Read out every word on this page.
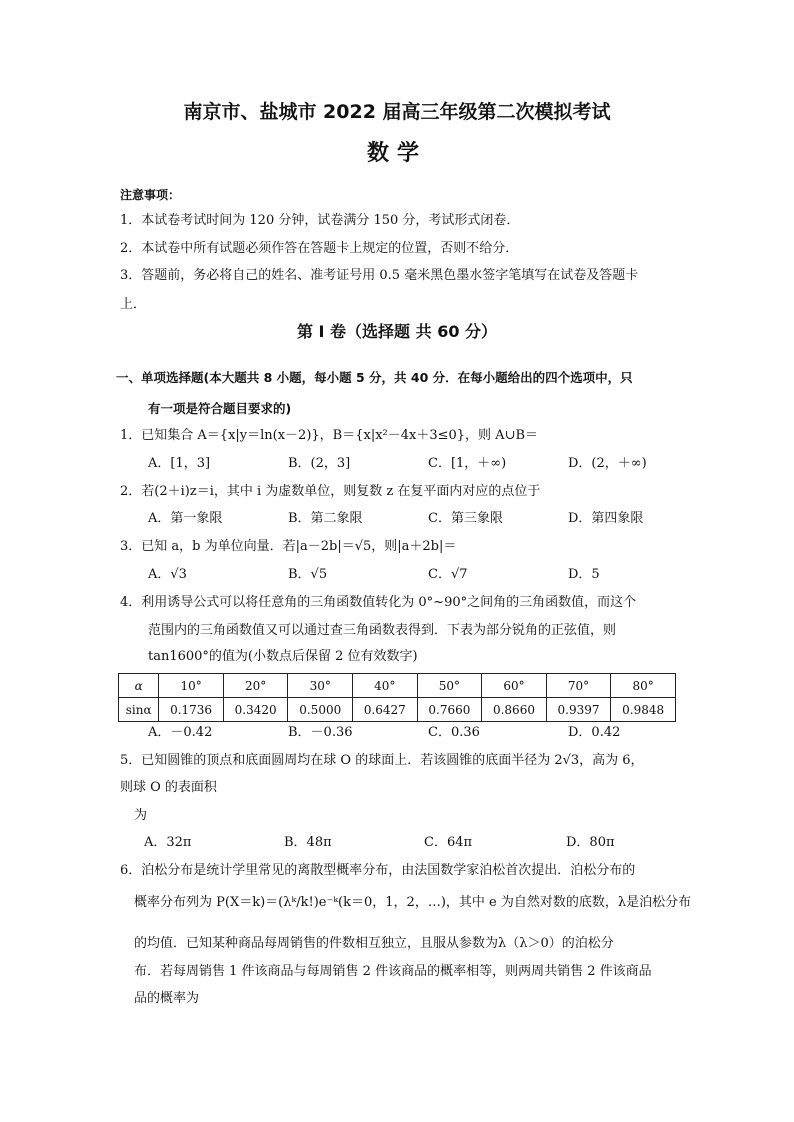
南京市、盐城市 2022 届高三年级第二次模拟考试
数学
注意事项：
1．本试卷考试时间为 120 分钟，试卷满分 150 分，考试形式闭卷．
2．本试卷中所有试题必须作答在答题卡上规定的位置，否则不给分．
3．答题前，务必将自己的姓名、准考证号用 0.5 毫米黑色墨水签字笔填写在试卷及答题卡
上．
第 I 卷（选择题 共 60 分）
一、单项选择题(本大题共 8 小题，每小题 5 分，共 40 分．在每小题给出的四个选项中，只
有一项是符合题目要求的)
1．已知集合 A＝{x|y＝ln(x－2)}，B＝{x|x²－4x＋3≤0}，则 A∪B＝
A．[1，3]	B．(2，3]	C．[1，＋∞)	D．(2，＋∞)
2．若(2＋i)z＝i，其中 i 为虚数单位，则复数 z 在复平面内对应的点位于
A．第一象限	B．第二象限	C．第三象限	D．第四象限
3．已知 a，b 为单位向量．若|a－2b|＝√5，则|a＋2b|＝
A．√3	B．√5	C．√7	D．5
4．利用诱导公式可以将任意角的三角函数值转化为 0°~90°之间角的三角函数值，而这个
范围内的三角函数值又可以通过查三角函数表得到．下表为部分锐角的正弦值，则
tan1600°的值为(小数点后保留 2 位有效数字)
α	10°	20°	30°	40°	50°	60°	70°	80°
sinα	0.1736	0.3420	0.5000	0.6427	0.7660	0.8660	0.9397	0.9848
A．－0.42	B．－0.36	C．0.36	D．0.42
5．已知圆锥的顶点和底面圆周均在球 O 的球面上．若该圆锥的底面半径为 2√3，高为 6，
则球 O 的表面积
为
A．32π	B．48π	C．64π	D．80π
6．泊松分布是统计学里常见的离散型概率分布，由法国数学家泊松首次提出．泊松分布的
概率分布列为 P(X＝k)＝(λᵏ/k!)e⁻ᵏ(k＝0，1，2，…)，其中 e 为自然对数的底数，λ是泊松分布
的均值．已知某种商品每周销售的件数相互独立，且服从参数为λ（λ＞0）的泊松分
布．若每周销售 1 件该商品与每周销售 2 件该商品的概率相等，则两周共销售 2 件该商品
品的概率为
